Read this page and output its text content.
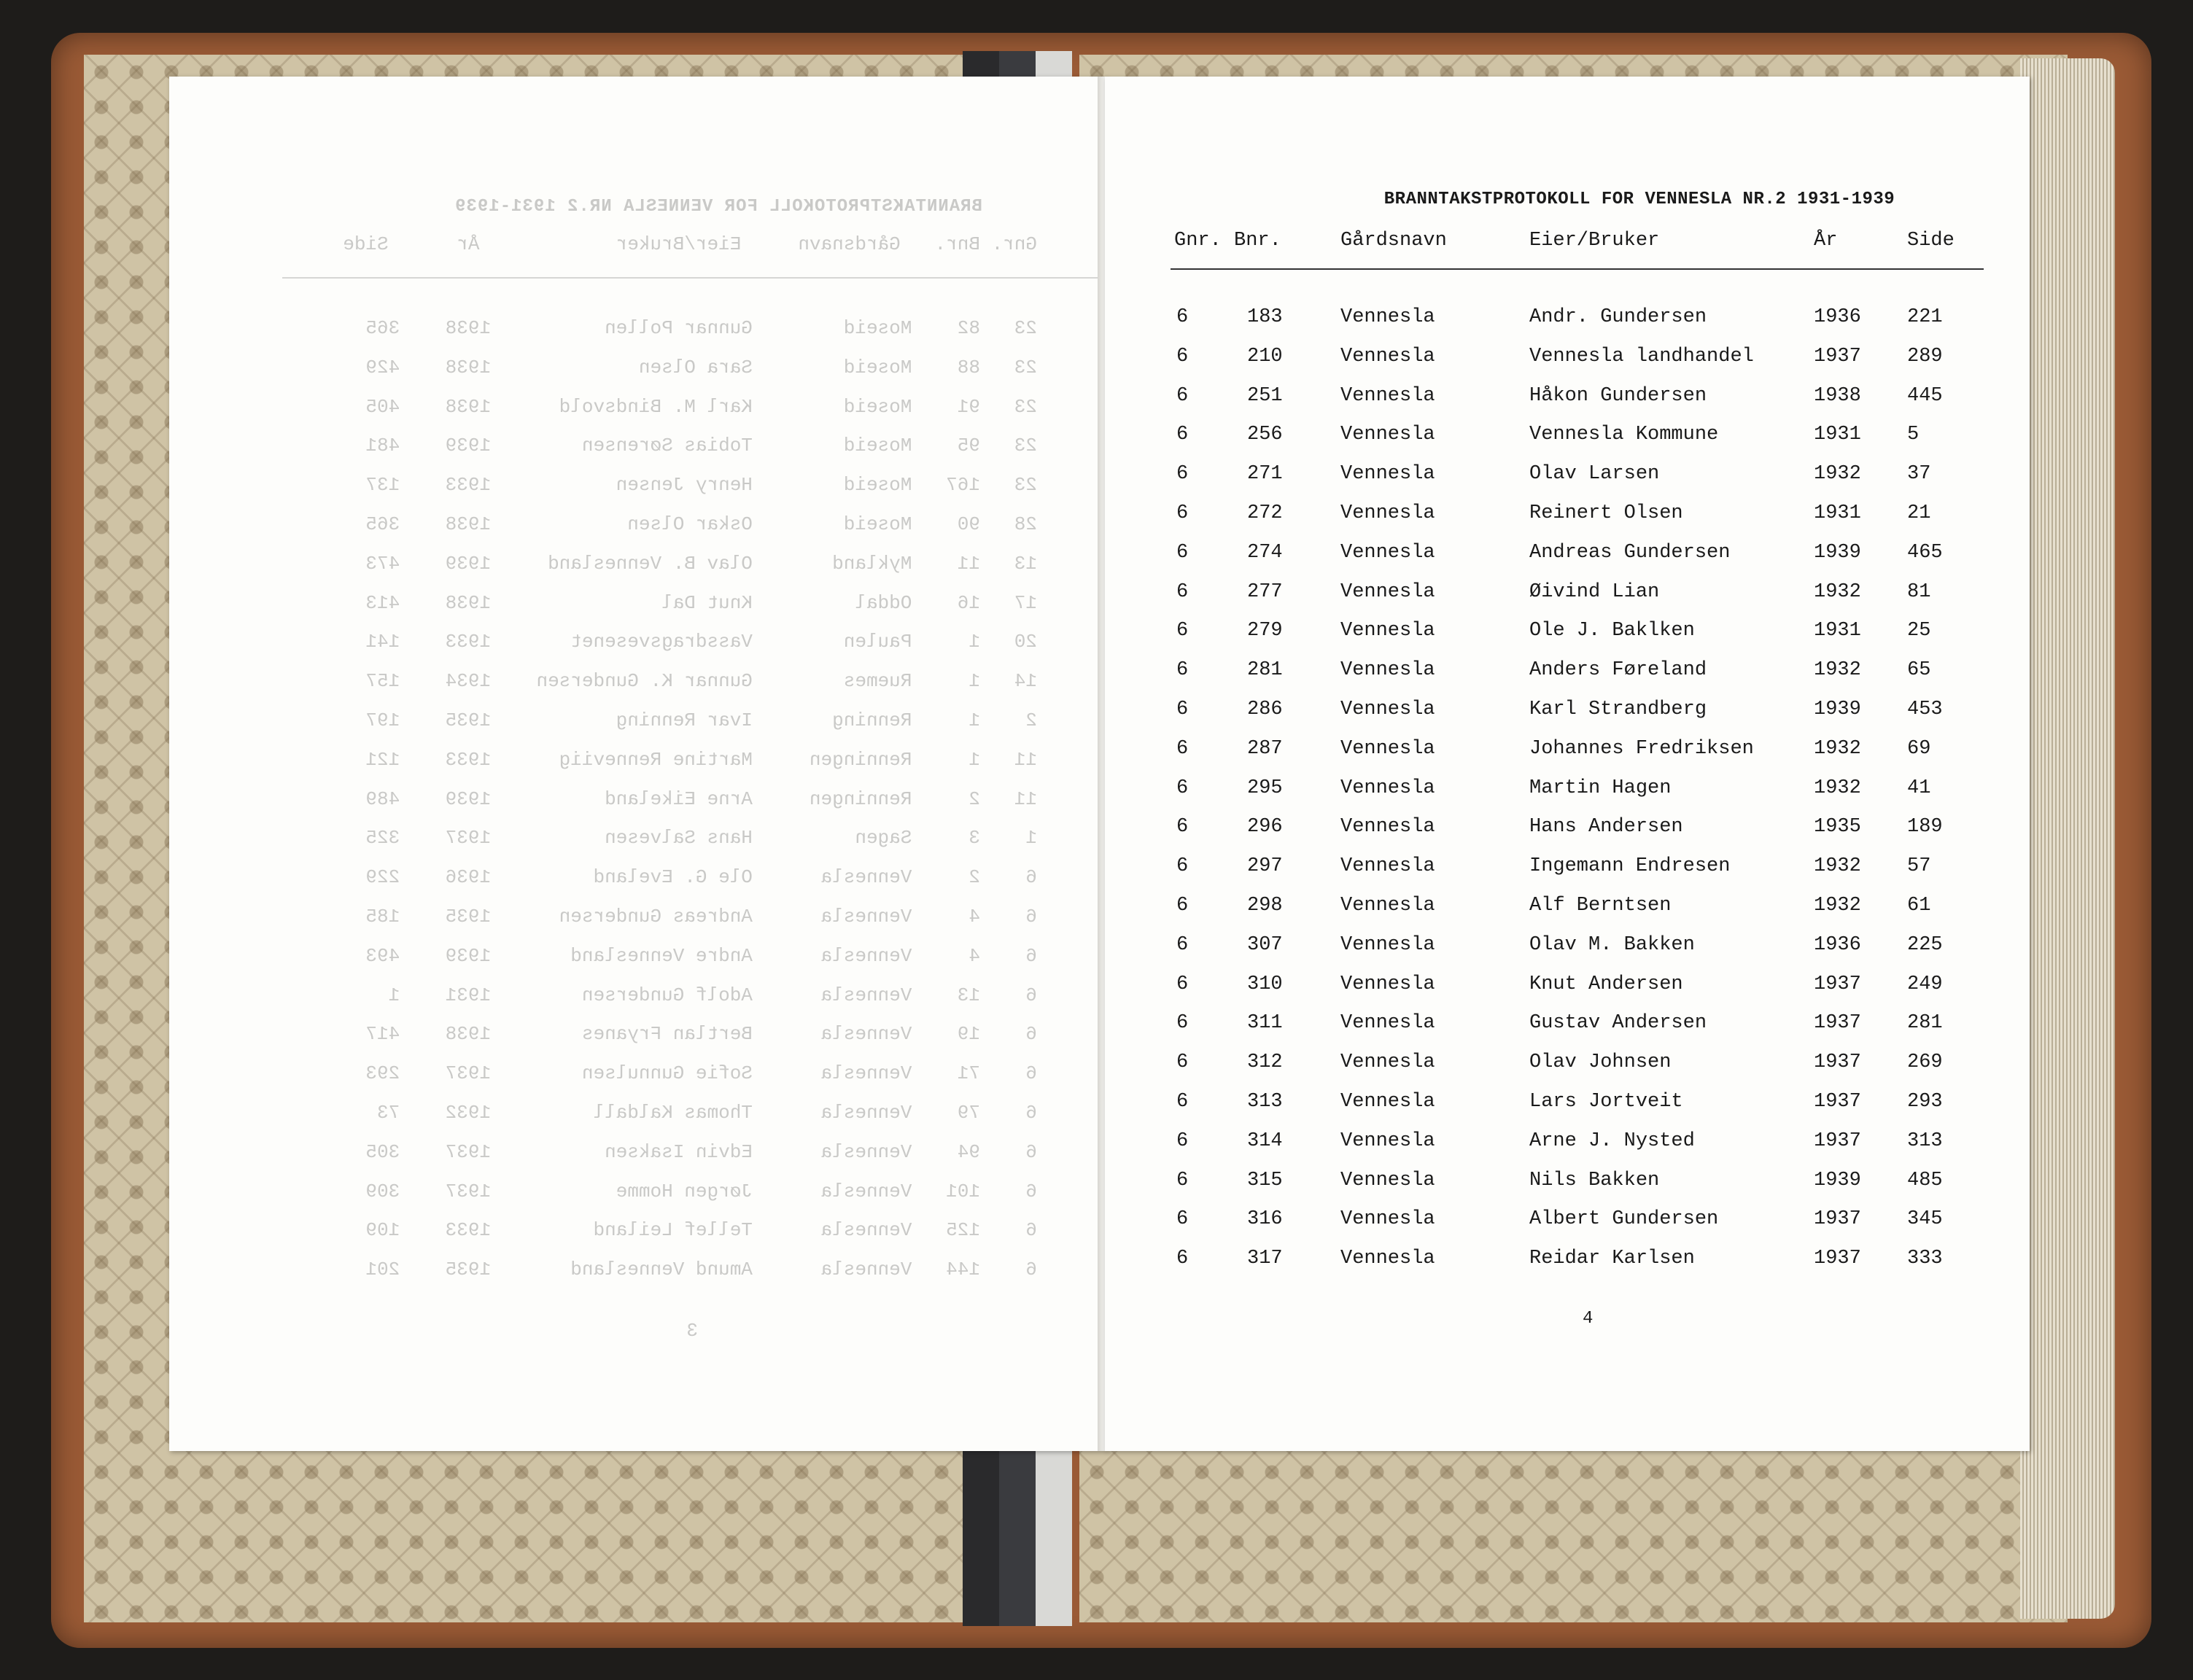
BRANNTAKSTPROTOKOLL FOR VENNESLA NR.2 1931-1939
Gnr. Bnr.   Gårdsnavn     Eier/Bruker            År      Side
23   82    Moseid        Gunnar Pollen          1938    365
23   88    Moseid        Sara Olsen             1938    429
23   91    Moseid        Karl M. Bindsvold      1938    405
23   95    Moseid        Tobias Sørensen        1939    481
23   167   Moseid        Henry Jensen           1933    137
28   90    Moseid        Oskar Olsen            1938    365
13   11    Mykland       Olav B. Vennesland     1939    473
17   16    Oddal         Knut Dal               1938    413
20   1     Paulen        Vassdragsvesenet       1933    141
14   1     Ruemes        Gunnar K. Gundersen    1934    157
2    1     Renning       Ivar Renning           1935    197
11   1     Renningen     Martine Renneviig      1933    121
11   2     Renningen     Arne Eikeland          1939    489
1    3     Sagen         Hans Salvesen          1937    325
6    2     Vennesla      Ole G. Eveland         1936    229
6    4     Vennesla      Andreas Gundersen      1935    185
6    4     Vennesla      Andre Vennesland       1939    493
6    13    Vennesla      Adolf Gundersen        1931    1
6    19    Vennesla      Bertlan Fryanes        1938    417
6    71    Vennesla      Sofie Gunnulsen        1937    293
6    79    Vennesla      Thomas Kaldall         1932    73
6    94    Vennesla      Edvin Isaksen          1937    305
6    101   Vennesla      Jørgen Homme           1937    309
6    125   Vennesla      Tellef Leiland         1933    109
6    144   Vennesla      Amund Vennesland       1935    201
3
BRANNTAKSTPROTOKOLL FOR VENNESLA NR.2 1931-1939
Gnr. Bnr.	Gårdsnavn	Eier/Bruker	År	Side
6	183	Vennesla	Andr. Gundersen	1936 221
6	210	Vennesla	Vennesla landhandel	1937 289
6	251	Vennesla	Håkon Gundersen	1938 445
6	256	Vennesla	Vennesla Kommune	1931 5
6	271	Vennesla	Olav Larsen	1932 37
6	272	Vennesla	Reinert Olsen	1931 21
6	274	Vennesla	Andreas Gundersen	1939 465
6	277	Vennesla	Øivind Lian	1932 81
6	279	Vennesla	Ole J. Baklken	1931 25
6	281	Vennesla	Anders Føreland	1932 65
6	286	Vennesla	Karl Strandberg	1939 453
6	287	Vennesla	Johannes Fredriksen	1932 69
6	295	Vennesla	Martin Hagen	1932 41
6	296	Vennesla	Hans Andersen	1935 189
6	297	Vennesla	Ingemann Endresen	1932 57
6	298	Vennesla	Alf Berntsen	1932 61
6	307	Vennesla	Olav M. Bakken	1936 225
6	310	Vennesla	Knut Andersen	1937 249
6	311	Vennesla	Gustav Andersen	1937 281
6	312	Vennesla	Olav Johnsen	1937 269
6	313	Vennesla	Lars Jortveit	1937 293
6	314	Vennesla	Arne J. Nysted	1937 313
6	315	Vennesla	Nils Bakken	1939 485
6	316	Vennesla	Albert Gundersen	1937 345
6	317	Vennesla	Reidar Karlsen	1937 333
4
